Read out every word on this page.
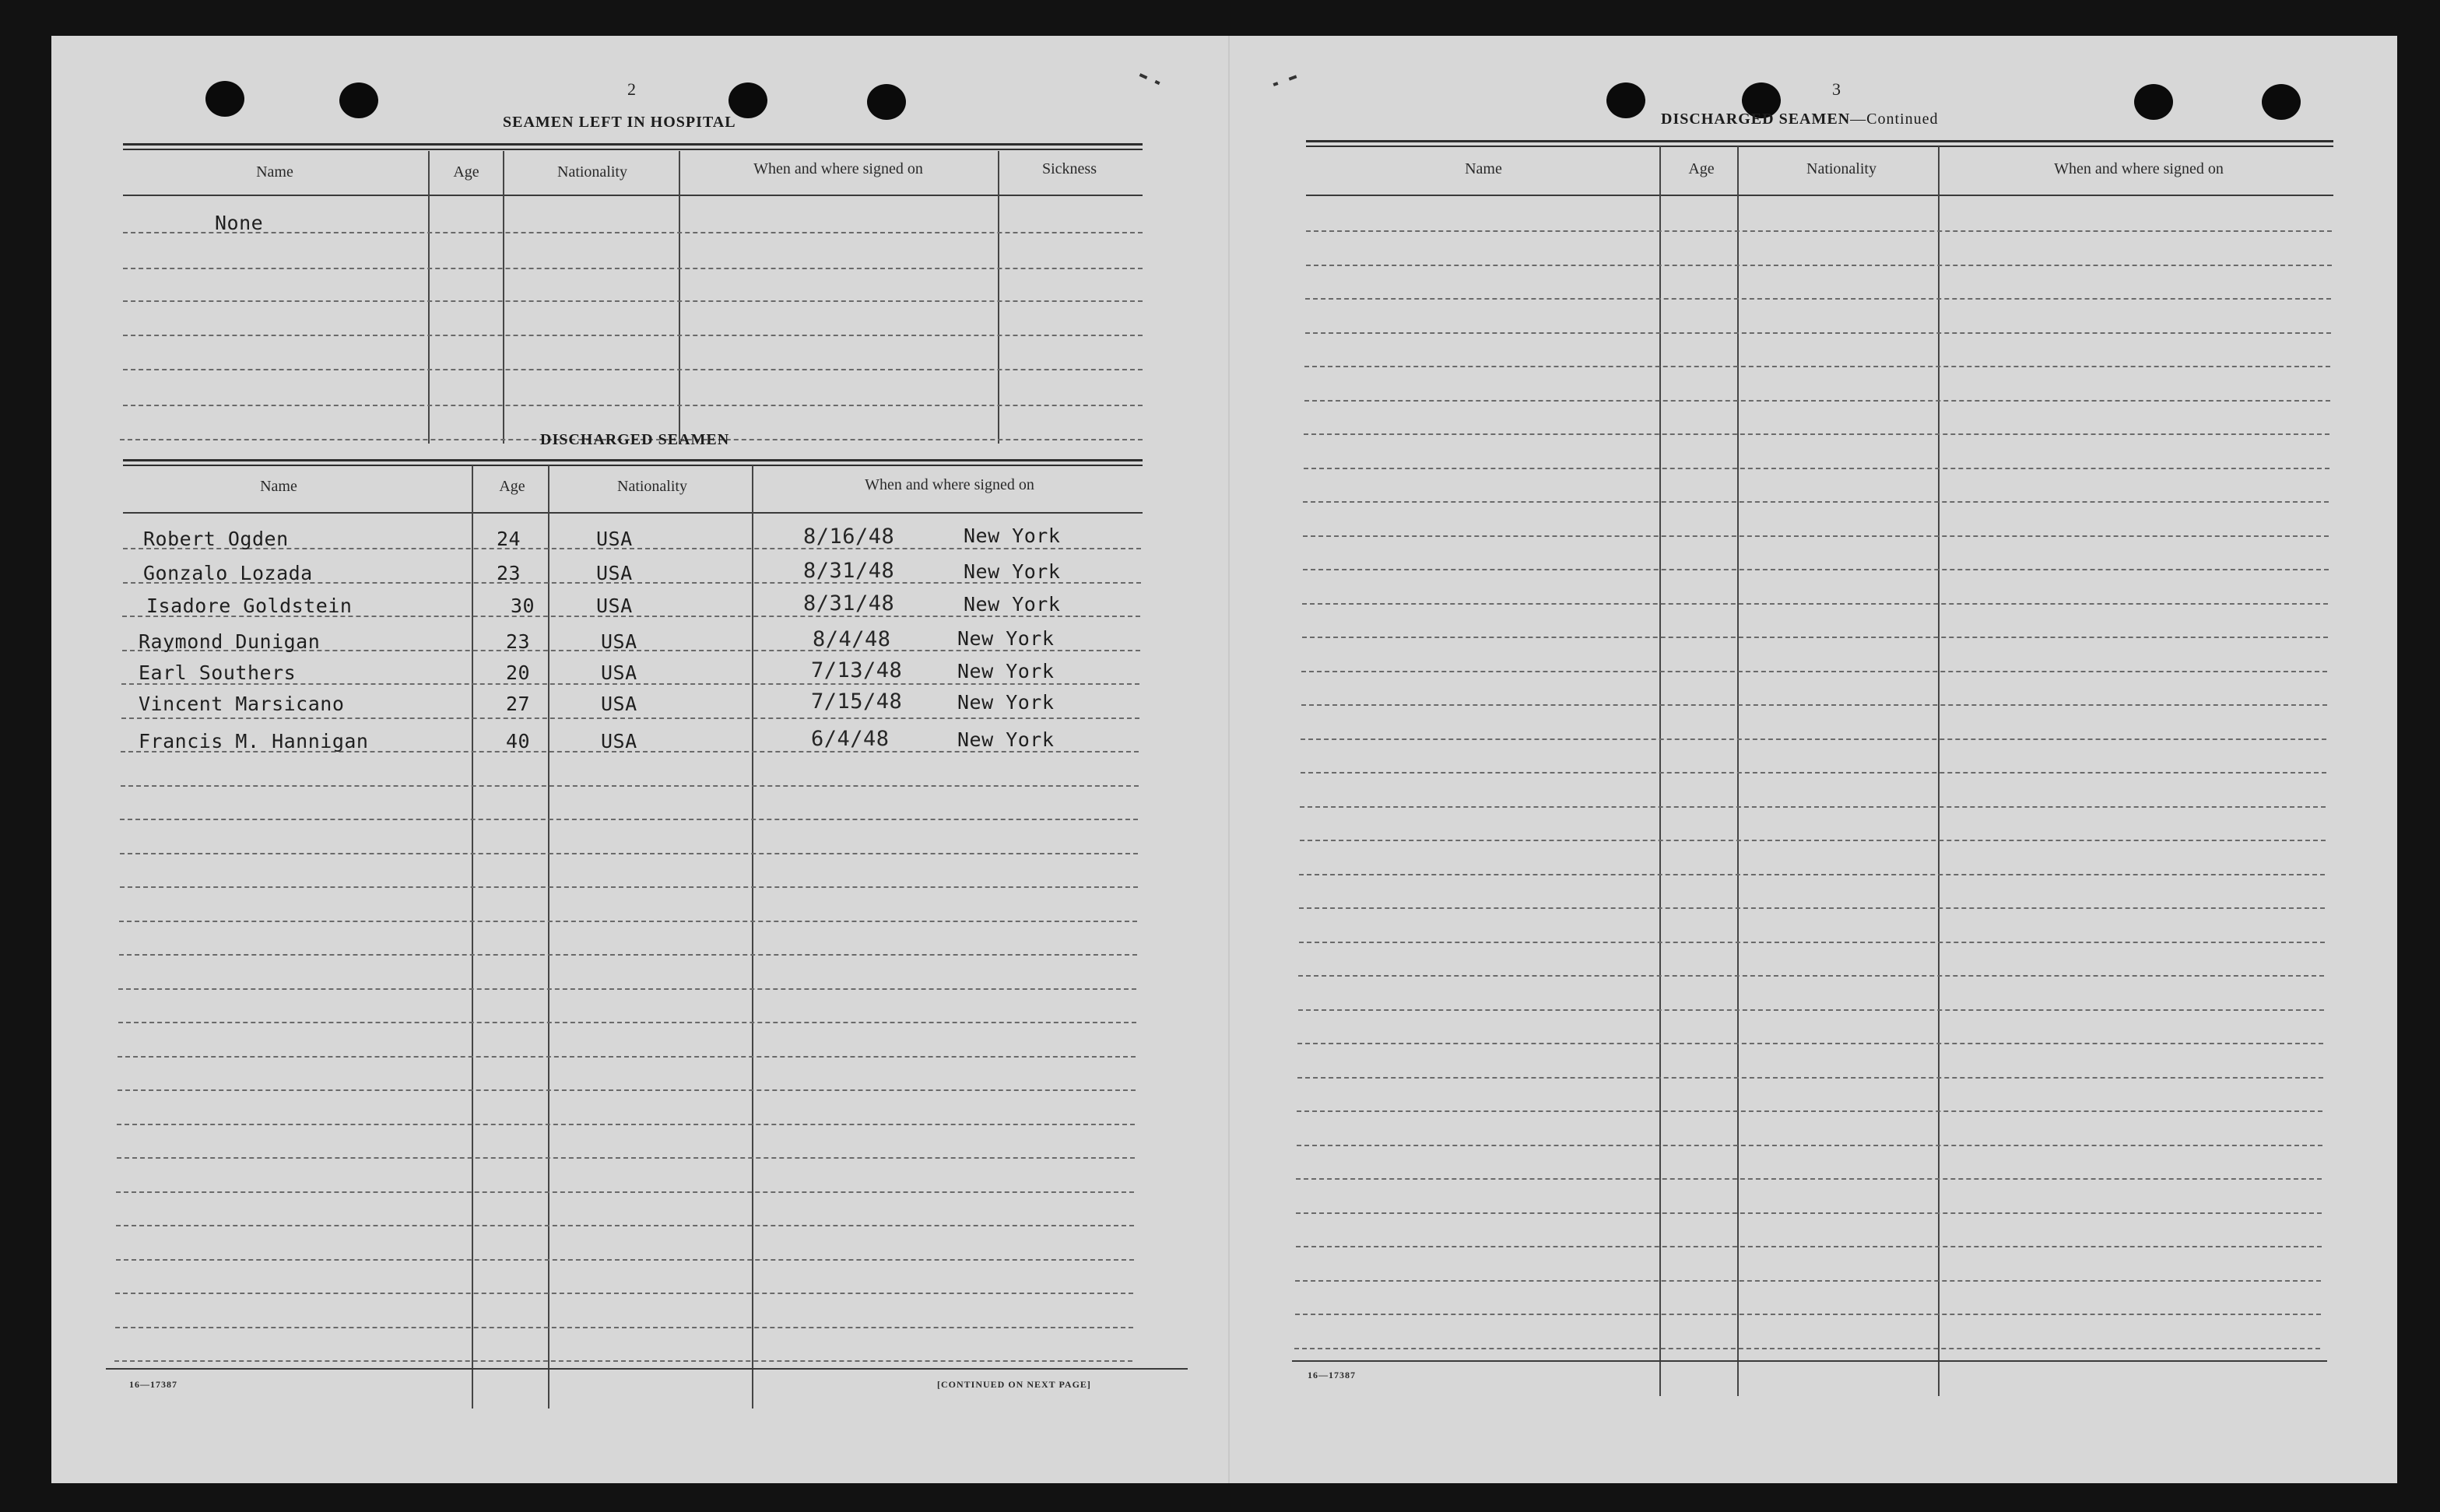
2
SEAMEN LEFT IN HOSPITAL
Name	Age	Nationality	When and where signed on	Sickness
None
DISCHARGED SEAMEN
Name	Age	Nationality	When and where signed on
Robert Ogden	24	USA	8/16/48	New York
Gonzalo Lozada	23	USA	8/31/48	New York
Isadore Goldstein	30	USA	8/31/48	New York
Raymond Dunigan	23	USA	8/4/48	New York
Earl Southers	20	USA	7/13/48	New York
Vincent Marsicano	27	USA	7/15/48	New York
Francis M. Hannigan	40	USA	6/4/48	New York
16—17387	[CONTINUED ON NEXT PAGE]
3
DISCHARGED SEAMEN—Continued
Name	Age	Nationality	When and where signed on
16—17387
